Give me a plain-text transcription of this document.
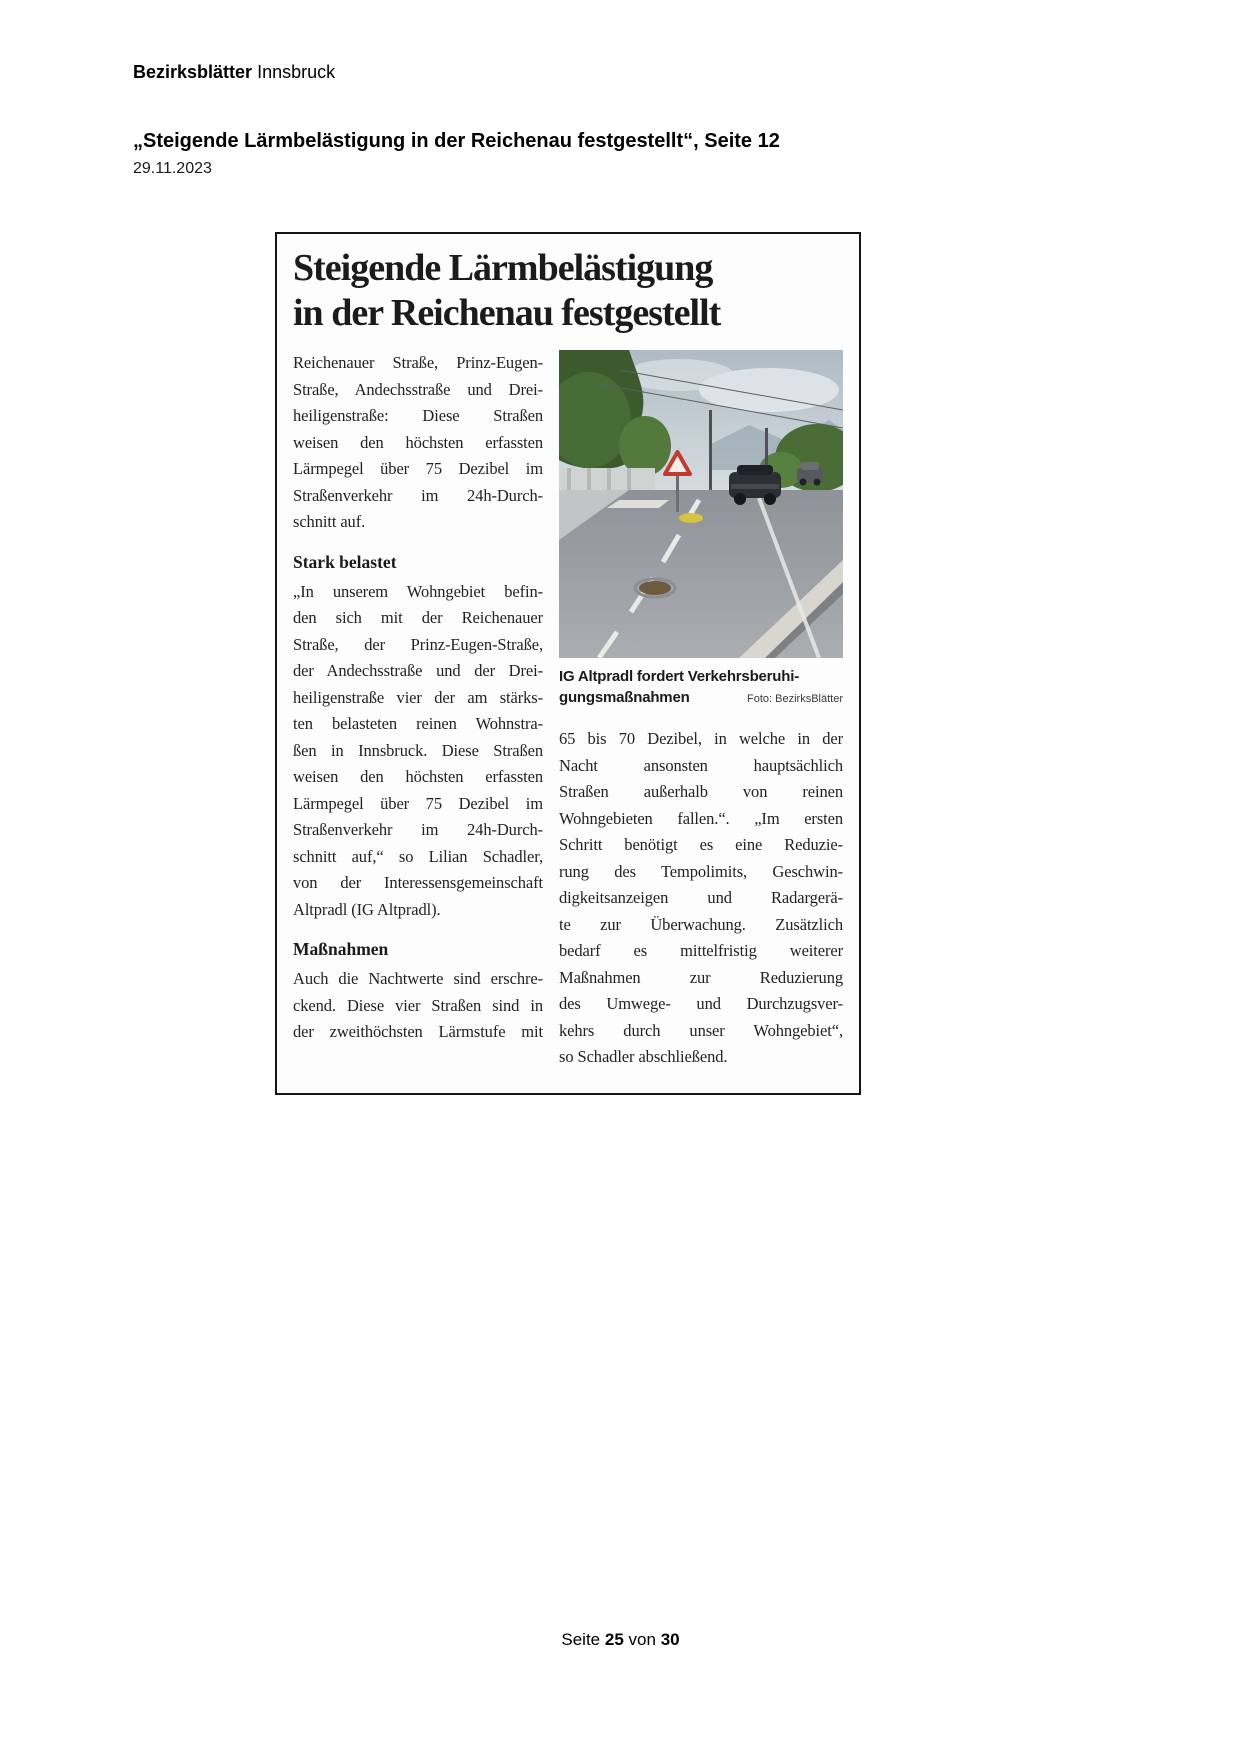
Bezirksblätter Innsbruck
„Steigende Lärmbelästigung in der Reichenau festgestellt“, Seite 12
29.11.2023
Steigende Lärmbelästigung
in der Reichenau festgestellt
Reichenauer Straße, Prinz-Eugen-
Straße, Andechsstraße und Drei-
heiligenstraße: Diese Straßen
weisen den höchsten erfassten
Lärmpegel über 75 Dezibel im
Straßenverkehr im 24h-Durch-
schnitt auf.
Stark belastet
„In unserem Wohngebiet befin-
den sich mit der Reichenauer
Straße, der Prinz-Eugen-Straße,
der Andechsstraße und der Drei-
heiligenstraße vier der am stärks-
ten belasteten reinen Wohnstra-
ßen in Innsbruck. Diese Straßen
weisen den höchsten erfassten
Lärmpegel über 75 Dezibel im
Straßenverkehr im 24h-Durch-
schnitt auf,“ so Lilian Schadler,
von der Interessensgemeinschaft
Altpradl (IG Altpradl).
Maßnahmen
Auch die Nachtwerte sind erschre-
ckend. Diese vier Straßen sind in
der zweithöchsten Lärmstufe mit
IG Altpradl fordert Verkehrsberuhi-
gungsmaßnahmen	Foto: BezirksBlätter
65 bis 70 Dezibel, in welche in der
Nacht ansonsten hauptsächlich
Straßen außerhalb von reinen
Wohngebieten fallen.“. „Im ersten
Schritt benötigt es eine Reduzie-
rung des Tempolimits, Geschwin-
digkeitsanzeigen und Radargerä-
te zur Überwachung. Zusätzlich
bedarf es mittelfristig weiterer
Maßnahmen zur Reduzierung
des Umwege- und Durchzugsver-
kehrs durch unser Wohngebiet“,
so Schadler abschließend.
Seite 25 von 30
